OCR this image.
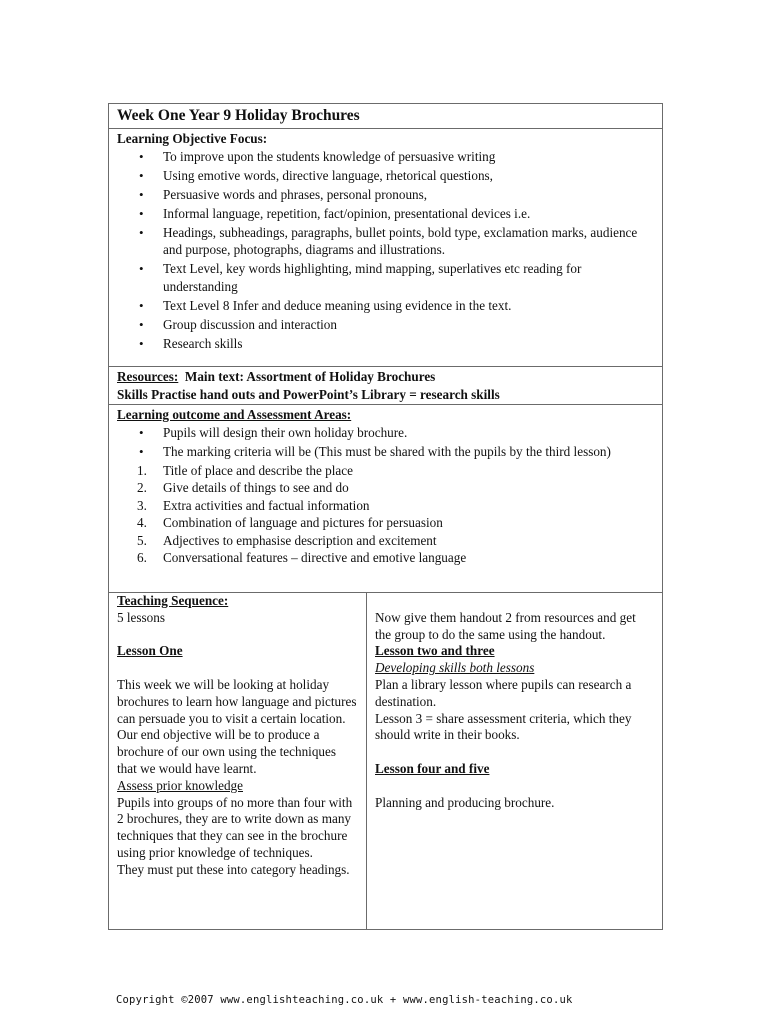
Week One Year 9 Holiday Brochures
Learning Objective Focus:
• To improve upon the students knowledge of persuasive writing
• Using emotive words, directive language, rhetorical questions,
• Persuasive words and phrases, personal pronouns,
• Informal language, repetition, fact/opinion, presentational devices i.e.
• Headings, subheadings, paragraphs, bullet points, bold type, exclamation marks, audience and purpose, photographs, diagrams and illustrations.
• Text Level, key words highlighting, mind mapping, superlatives etc reading for understanding
• Text Level 8 Infer and deduce meaning using evidence in the text.
• Group discussion and interaction
• Research skills
Resources:  Main text: Assortment of Holiday Brochures
Skills Practise hand outs and PowerPoint’s Library = research skills
Learning outcome and Assessment Areas:
• Pupils will design their own holiday brochure.
• The marking criteria will be (This must be shared with the pupils by the third lesson)
1. Title of place and describe the place
2. Give details of things to see and do
3. Extra activities and factual information
4. Combination of language and pictures for persuasion
5. Adjectives to emphasise description and excitement
6. Conversational features – directive and emotive language
Teaching Sequence:
5 lessons
Lesson One
This week we will be looking at holiday brochures to learn how language and pictures can persuade you to visit a certain location. Our end objective will be to produce a brochure of our own using the techniques that we would have learnt.
Assess prior knowledge
Pupils into groups of no more than four with 2 brochures, they are to write down as many techniques that they can see in the brochure using prior knowledge of techniques.
They must put these into category headings.
Now give them handout 2 from resources and get the group to do the same using the handout.
Lesson two and three
Developing skills both lessons
Plan a library lesson where pupils can research a destination.
Lesson 3 = share assessment criteria, which they should write in their books.
Lesson four and five
Planning and producing brochure.
Copyright ©2007 www.englishteaching.co.uk + www.english-teaching.co.uk
